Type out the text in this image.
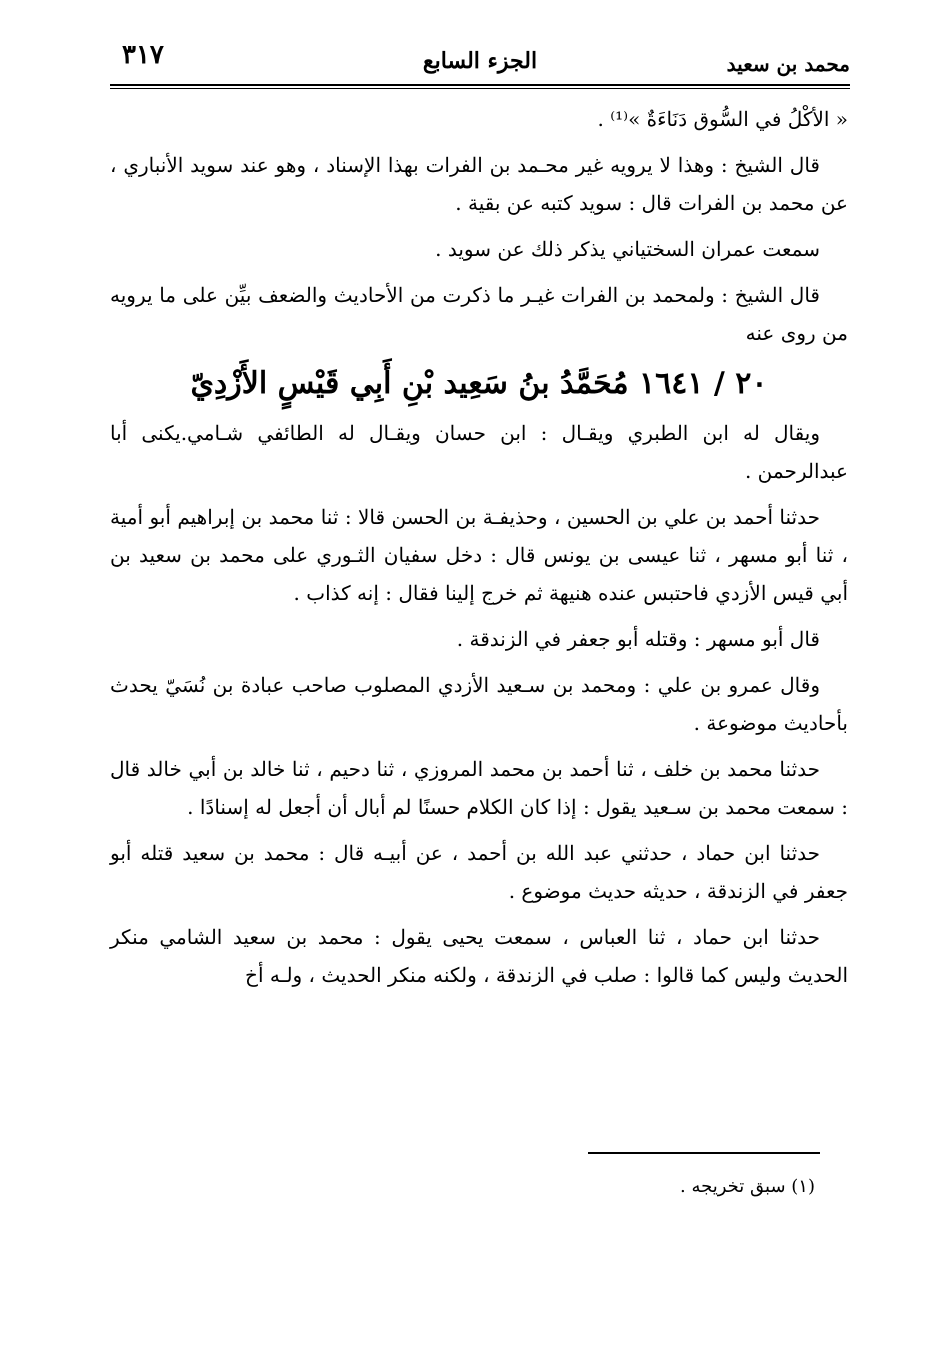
محمد بن سعيد
الجزء السابع
٣١٧

« الأكْلُ في السُّوق دَنَاءَةٌ »⁽¹⁾ .

قال الشيخ : وهذا لا يرويه غير محـمد بن الفرات بهذا الإسناد ، وهو عند سويد الأنباري ، عن محمد بن الفرات قال : سويد كتبه عن بقية .

سمعت عمران السختياني يذكر ذلك عن سويد .

قال الشيخ : ولمحمد بن الفرات غيـر ما ذكرت من الأحاديث والضعف بيِّن على ما يرويه من روى عنه

٢٠ / ١٦٤١ مُحَمَّدُ بنُ سَعِيد بْنِ أَبِي قَيْسٍ الأَزْدِيّ

ويقال له ابن الطبري ويقـال : ابن حسان ويقـال له الطائفي شـامي.يكنى أبا عبدالرحمن .

حدثنا أحمد بن علي بن الحسين ، وحذيفـة بن الحسن قالا : ثنا محمد بن إبراهيم أبو أمية ، ثنا أبو مسهر ، ثنا عيسى بن يونس قال : دخل سفيان الثـوري على محمد بن سعيد بن أبي قيس الأزدي فاحتبس عنده هنيهة ثم خرج إلينا فقال : إنه كذاب .

قال أبو مسهر : وقتله أبو جعفر في الزندقة .

وقال عمرو بن علي : ومحمد بن سـعيد الأزدي المصلوب صاحب عبادة بن نُسَيّ يحدث بأحاديث موضوعة .

حدثنا محمد بن خلف ، ثنا أحمد بن محمد المروزي ، ثنا دحيم ، ثنا خالد بن أبي خالد قال : سمعت محمد بن سـعيد يقول : إذا كان الكلام حسنًا لم أبال أن أجعل له إسنادًا .

حدثنا ابن حماد ، حدثني عبد الله بن أحمد ، عن أبيـه قال : محمد بن سعيد قتله أبو جعفر في الزندقة ، حديثه حديث موضوع .

حدثنا ابن حماد ، ثنا العباس ، سمعت يحيى يقول : محمد بن سعيد الشامي منكر الحديث وليس كما قالوا : صلب في الزندقة ، ولكنه منكر الحديث ، ولـه أخ

(١) سبق تخريجه .
